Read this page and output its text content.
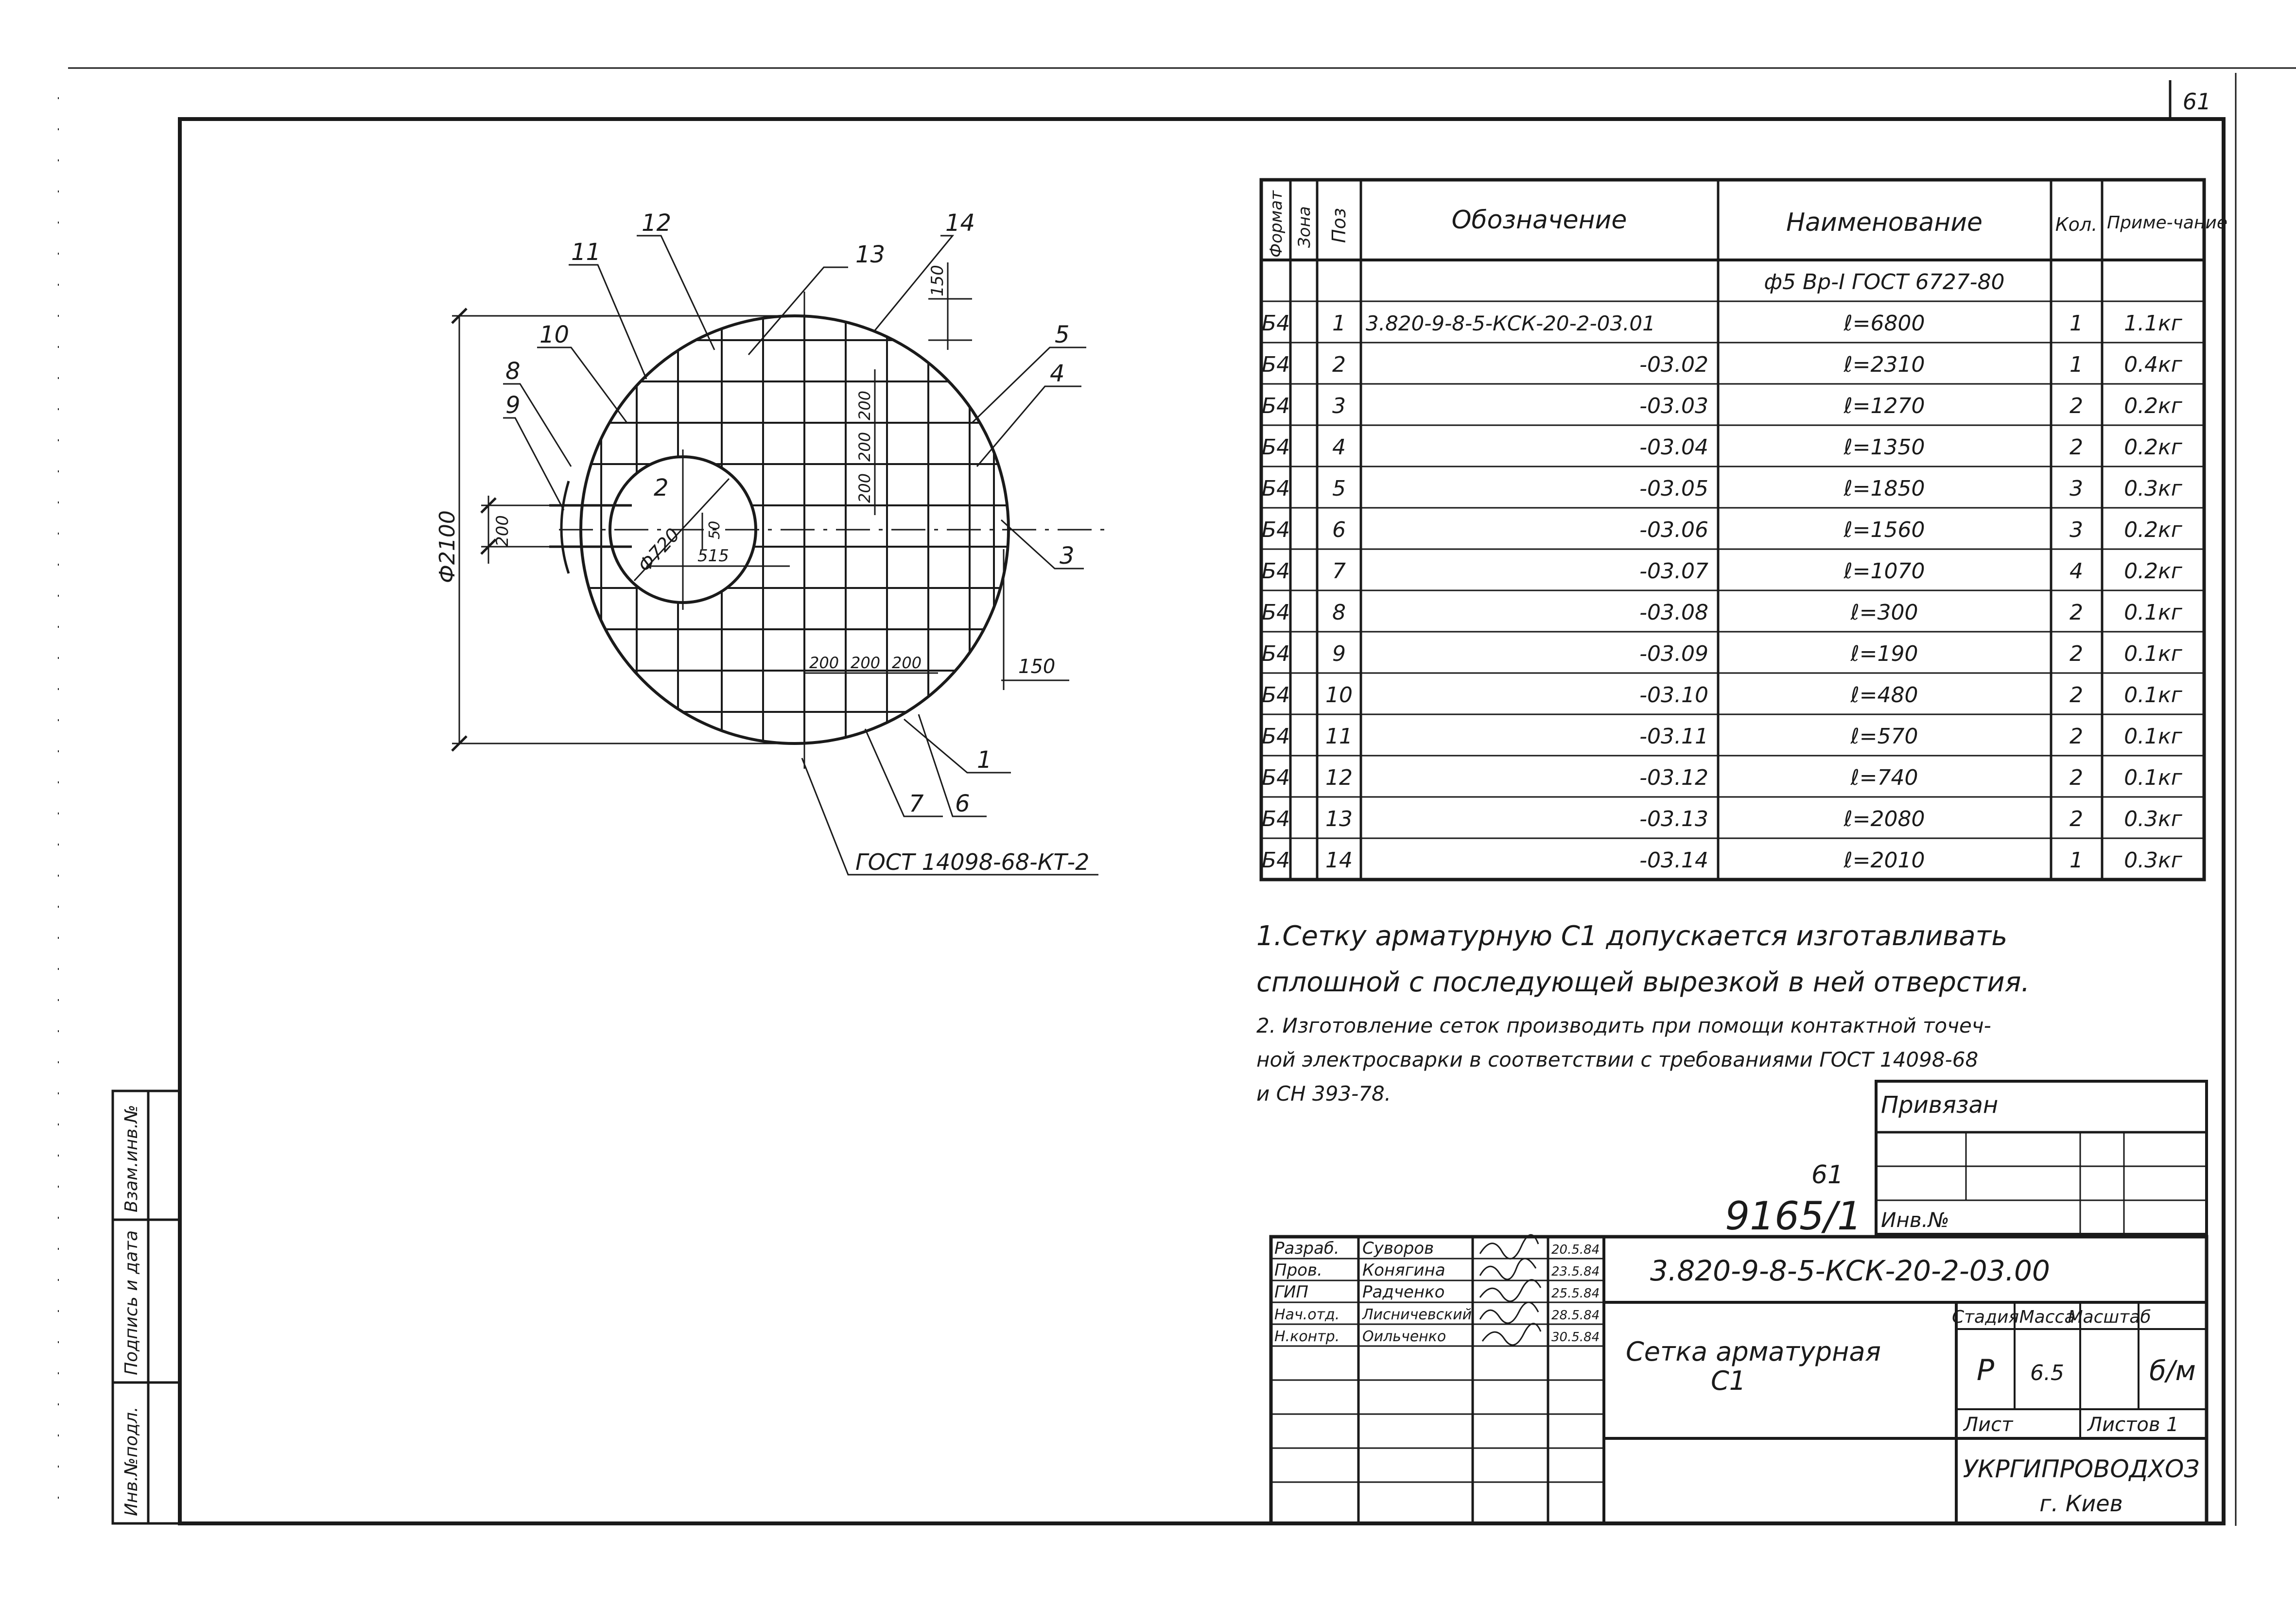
61
Инв.№подл.
Подпись и дата
Взам.инв.№
13
14
12
11
10
8
9
5
4
3
2
1
7 6
Ф2100 200
200
200
200
150
150
200 200 200
515
50
Ф720
ГОСТ 14098-68-КТ-2
Формат Зона Поз	Обозначение	Наименование	Кол. Приме-чание
ф5 Вр-I ГОСТ 6727-80
Б4 1 3.820-9-8-5-КСК-20-2-03.01	ℓ=6800	1 1.1кг
Б4 2	-03.02	ℓ=2310	1 0.4кг
Б4 3	-03.03	ℓ=1270	2 0.2кг
Б4 4	-03.04	ℓ=1350	2 0.2кг
Б4 5	-03.05	ℓ=1850	3 0.3кг
Б4 6	-03.06	ℓ=1560	3 0.2кг
Б4 7	-03.07	ℓ=1070	4 0.2кг
Б4 8	-03.08	ℓ=300	2 0.1кг
Б4 9	-03.09	ℓ=190	2 0.1кг
Б4 10	-03.10	ℓ=480	2 0.1кг
Б4 11	-03.11	ℓ=570	2 0.1кг
Б4 12	-03.12	ℓ=740	2 0.1кг
Б4 13	-03.13	ℓ=2080	2 0.3кг
Б4 14	-03.14	ℓ=2010	1 0.3кг
1.Сетку арматурную С1 допускается изготавливать
сплошной с последующей вырезкой в ней отверстия.
2. Изготовление сеток производить при помощи контактной точеч-
ной электросварки в соответствии с требованиями ГОСТ 14098-68
и СН 393-78.	Привязан
Инв.№
61
9165/1
Разраб. Суворов	20.5.84
Пров. Конягина	23.5.84
ГИП	Радченко	25.5.84
Нач.отд. Лисничевский	28.5.84
Н.контр. Оильченко	30.5.84
3.820-9-8-5-КСК-20-2-03.00
Сетка арматурная
С1
Стадия Масса
Масштаб
Р 6.5	б/м
Лист	Листов 1
УКРГИПРОВОДХОЗ
г. Киев
